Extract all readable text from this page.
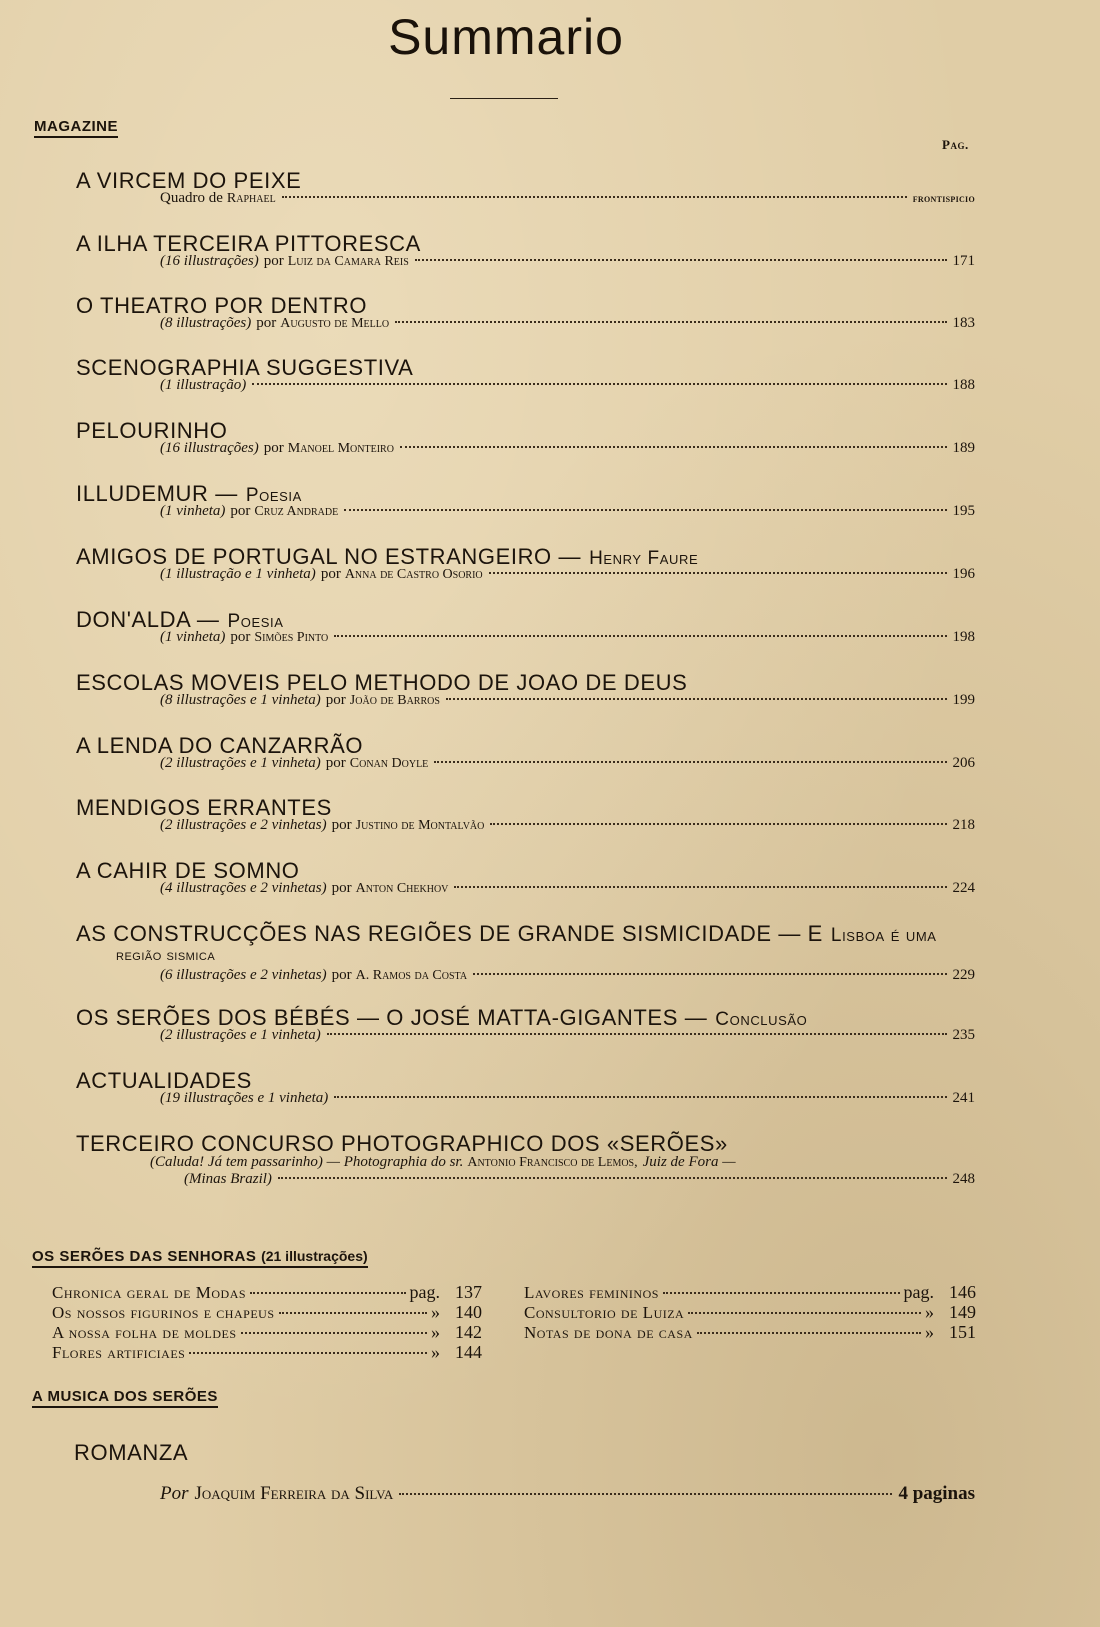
Summario
MAGAZINE
Pag.
A VIRCEM DO PEIXE
Quadro de Raphael	frontispicio
A ILHA TERCEIRA PITTORESCA
(16 illustrações) por Luiz da Camara Reis	171
O THEATRO POR DENTRO
(8 illustrações) por Augusto de Mello	183
SCENOGRAPHIA SUGGESTIVA
(1 illustração)	188
PELOURINHO
(16 illustrações) por Manoel Monteiro	189
ILLUDEMUR — Poesia
(1 vinheta) por Cruz Andrade	195
AMIGOS DE PORTUGAL NO ESTRANGEIRO — Henry Faure
(1 illustração e 1 vinheta) por Anna de Castro Osorio	196
DON'ALDA — Poesia
(1 vinheta) por Simões Pinto	198
ESCOLAS MOVEIS PELO METHODO DE JOAO DE DEUS
(8 illustrações e 1 vinheta) por João de Barros	199
A LENDA DO CANZARRÃO
(2 illustrações e 1 vinheta) por Conan Doyle	206
MENDIGOS ERRANTES
(2 illustrações e 2 vinhetas) por Justino de Montalvão	218
A CAHIR DE SOMNO
(4 illustrações e 2 vinhetas) por Anton Chekhov	224
AS CONSTRUCÇÕES NAS REGIÕES DE GRANDE SISMICIDADE — E Lisboa é uma
região sismica
(6 illustrações e 2 vinhetas) por A. Ramos da Costa	229
OS SERÕES DOS BÉBÉS — O JOSÉ MATTA-GIGANTES — Conclusão
(2 illustrações e 1 vinheta)	235
ACTUALIDADES
(19 illustrações e 1 vinheta)	241
TERCEIRO CONCURSO PHOTOGRAPHICO DOS «SERÕES»
(Caluda! Já tem passarinho) — Photographia do sr. Antonio Francisco de Lemos, Juiz de Fora —
(Minas Brazil)	248
OS SERÕES DAS SENHORAS (21 illustrações)
Chronica geral de Modas	pag. 137
Os nossos figurinos e chapeus	» 140
A nossa folha de moldes	» 142
Flores artificiaes	» 144
Lavores femininos	pag. 146
Consultorio de Luiza	» 149
Notas de dona de casa	» 151
A MUSICA DOS SERÕES
ROMANZA
Por Joaquim Ferreira da Silva	4 paginas
